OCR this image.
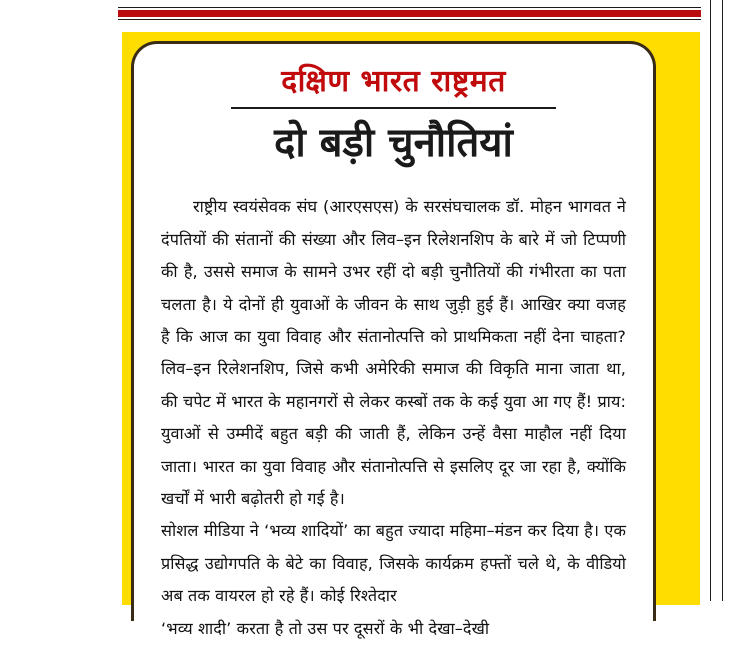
दक्षिण भारत राष्ट्रमत
दो बड़ी चुनौतियां
राष्ट्रीय स्वयंसेवक संघ (आरएसएस) के सरसंघचालक डॉ. मोहन भागवत ने दंपतियों की संतानों की संख्या और लिव–इन रिलेशनशिप के बारे में जो टिप्पणी की है, उससे समाज के सामने उभर रहीं दो बड़ी चुनौतियों की गंभीरता का पता चलता है। ये दोनों ही युवाओं के जीवन के साथ जुड़ी हुई हैं। आखिर क्या वजह है कि आज का युवा विवाह और संतानोत्पत्ति को प्राथमिकता नहीं देना चाहता? लिव–इन रिलेशनशिप, जिसे कभी अमेरिकी समाज की विकृति माना जाता था, की चपेट में भारत के महानगरों से लेकर कस्बों तक के कई युवा आ गए हैं! प्राय: युवाओं से उम्मीदें बहुत बड़ी की जाती हैं, लेकिन उन्हें वैसा माहौल नहीं दिया जाता। भारत का युवा विवाह और संतानोत्पत्ति से इसलिए दूर जा रहा है, क्योंकि खर्चों में भारी बढ़ोतरी हो गई है।
सोशल मीडिया ने ‘भव्य शादियों’ का बहुत ज्यादा महिमा–मंडन कर दिया है। एक प्रसिद्ध उद्योगपति के बेटे का विवाह, जिसके कार्यक्रम हफ्तों चले थे, के वीडियो अब तक वायरल हो रहे हैं। कोई रिश्तेदार
‘भव्य शादी’ करता है तो उस पर दूसरों के भी देखा–देखी
